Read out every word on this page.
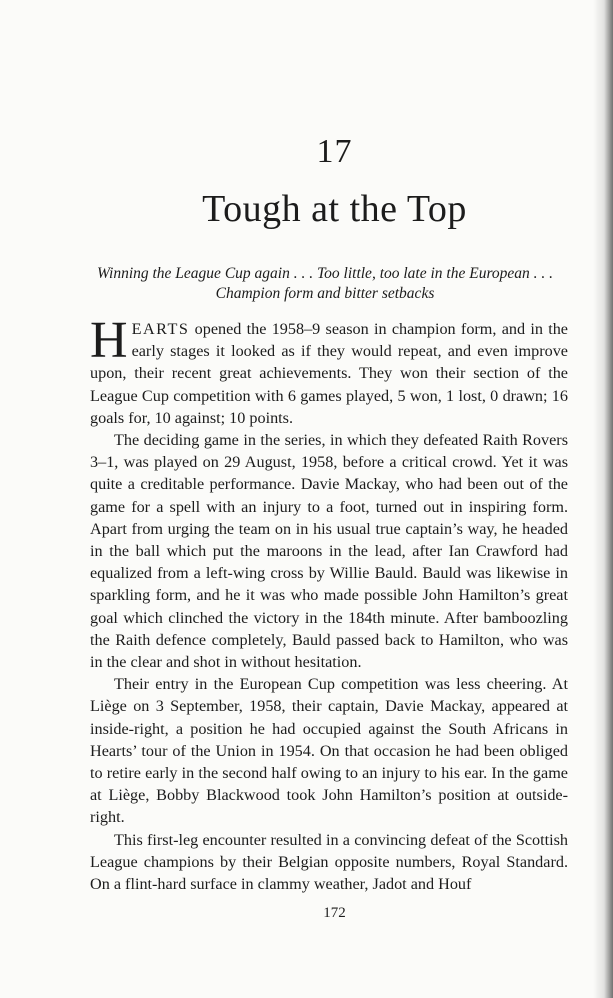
17
Tough at the Top
Winning the League Cup again . . . Too little, too late in the European . . . Champion form and bitter setbacks

HEARTS opened the 1958–9 season in champion form, and in the early stages it looked as if they would repeat, and even improve upon, their recent great achievements. They won their section of the League Cup competition with 6 games played, 5 won, 1 lost, 0 drawn; 16 goals for, 10 against; 10 points.

The deciding game in the series, in which they defeated Raith Rovers 3–1, was played on 29 August, 1958, before a critical crowd. Yet it was quite a creditable performance. Davie Mackay, who had been out of the game for a spell with an injury to a foot, turned out in inspiring form. Apart from urging the team on in his usual true captain’s way, he headed in the ball which put the maroons in the lead, after Ian Crawford had equalized from a left-wing cross by Willie Bauld. Bauld was likewise in sparkling form, and he it was who made possible John Hamilton’s great goal which clinched the victory in the 184th minute. After bamboozling the Raith defence completely, Bauld passed back to Hamilton, who was in the clear and shot in without hesitation.

Their entry in the European Cup competition was less cheering. At Liège on 3 September, 1958, their captain, Davie Mackay, appeared at inside-right, a position he had occupied against the South Africans in Hearts’ tour of the Union in 1954. On that occasion he had been obliged to retire early in the second half owing to an injury to his ear. In the game at Liège, Bobby Blackwood took John Hamilton’s position at outside-right.

This first-leg encounter resulted in a convincing defeat of the Scottish League champions by their Belgian opposite numbers, Royal Standard. On a flint-hard surface in clammy weather, Jadot and Houf

172
